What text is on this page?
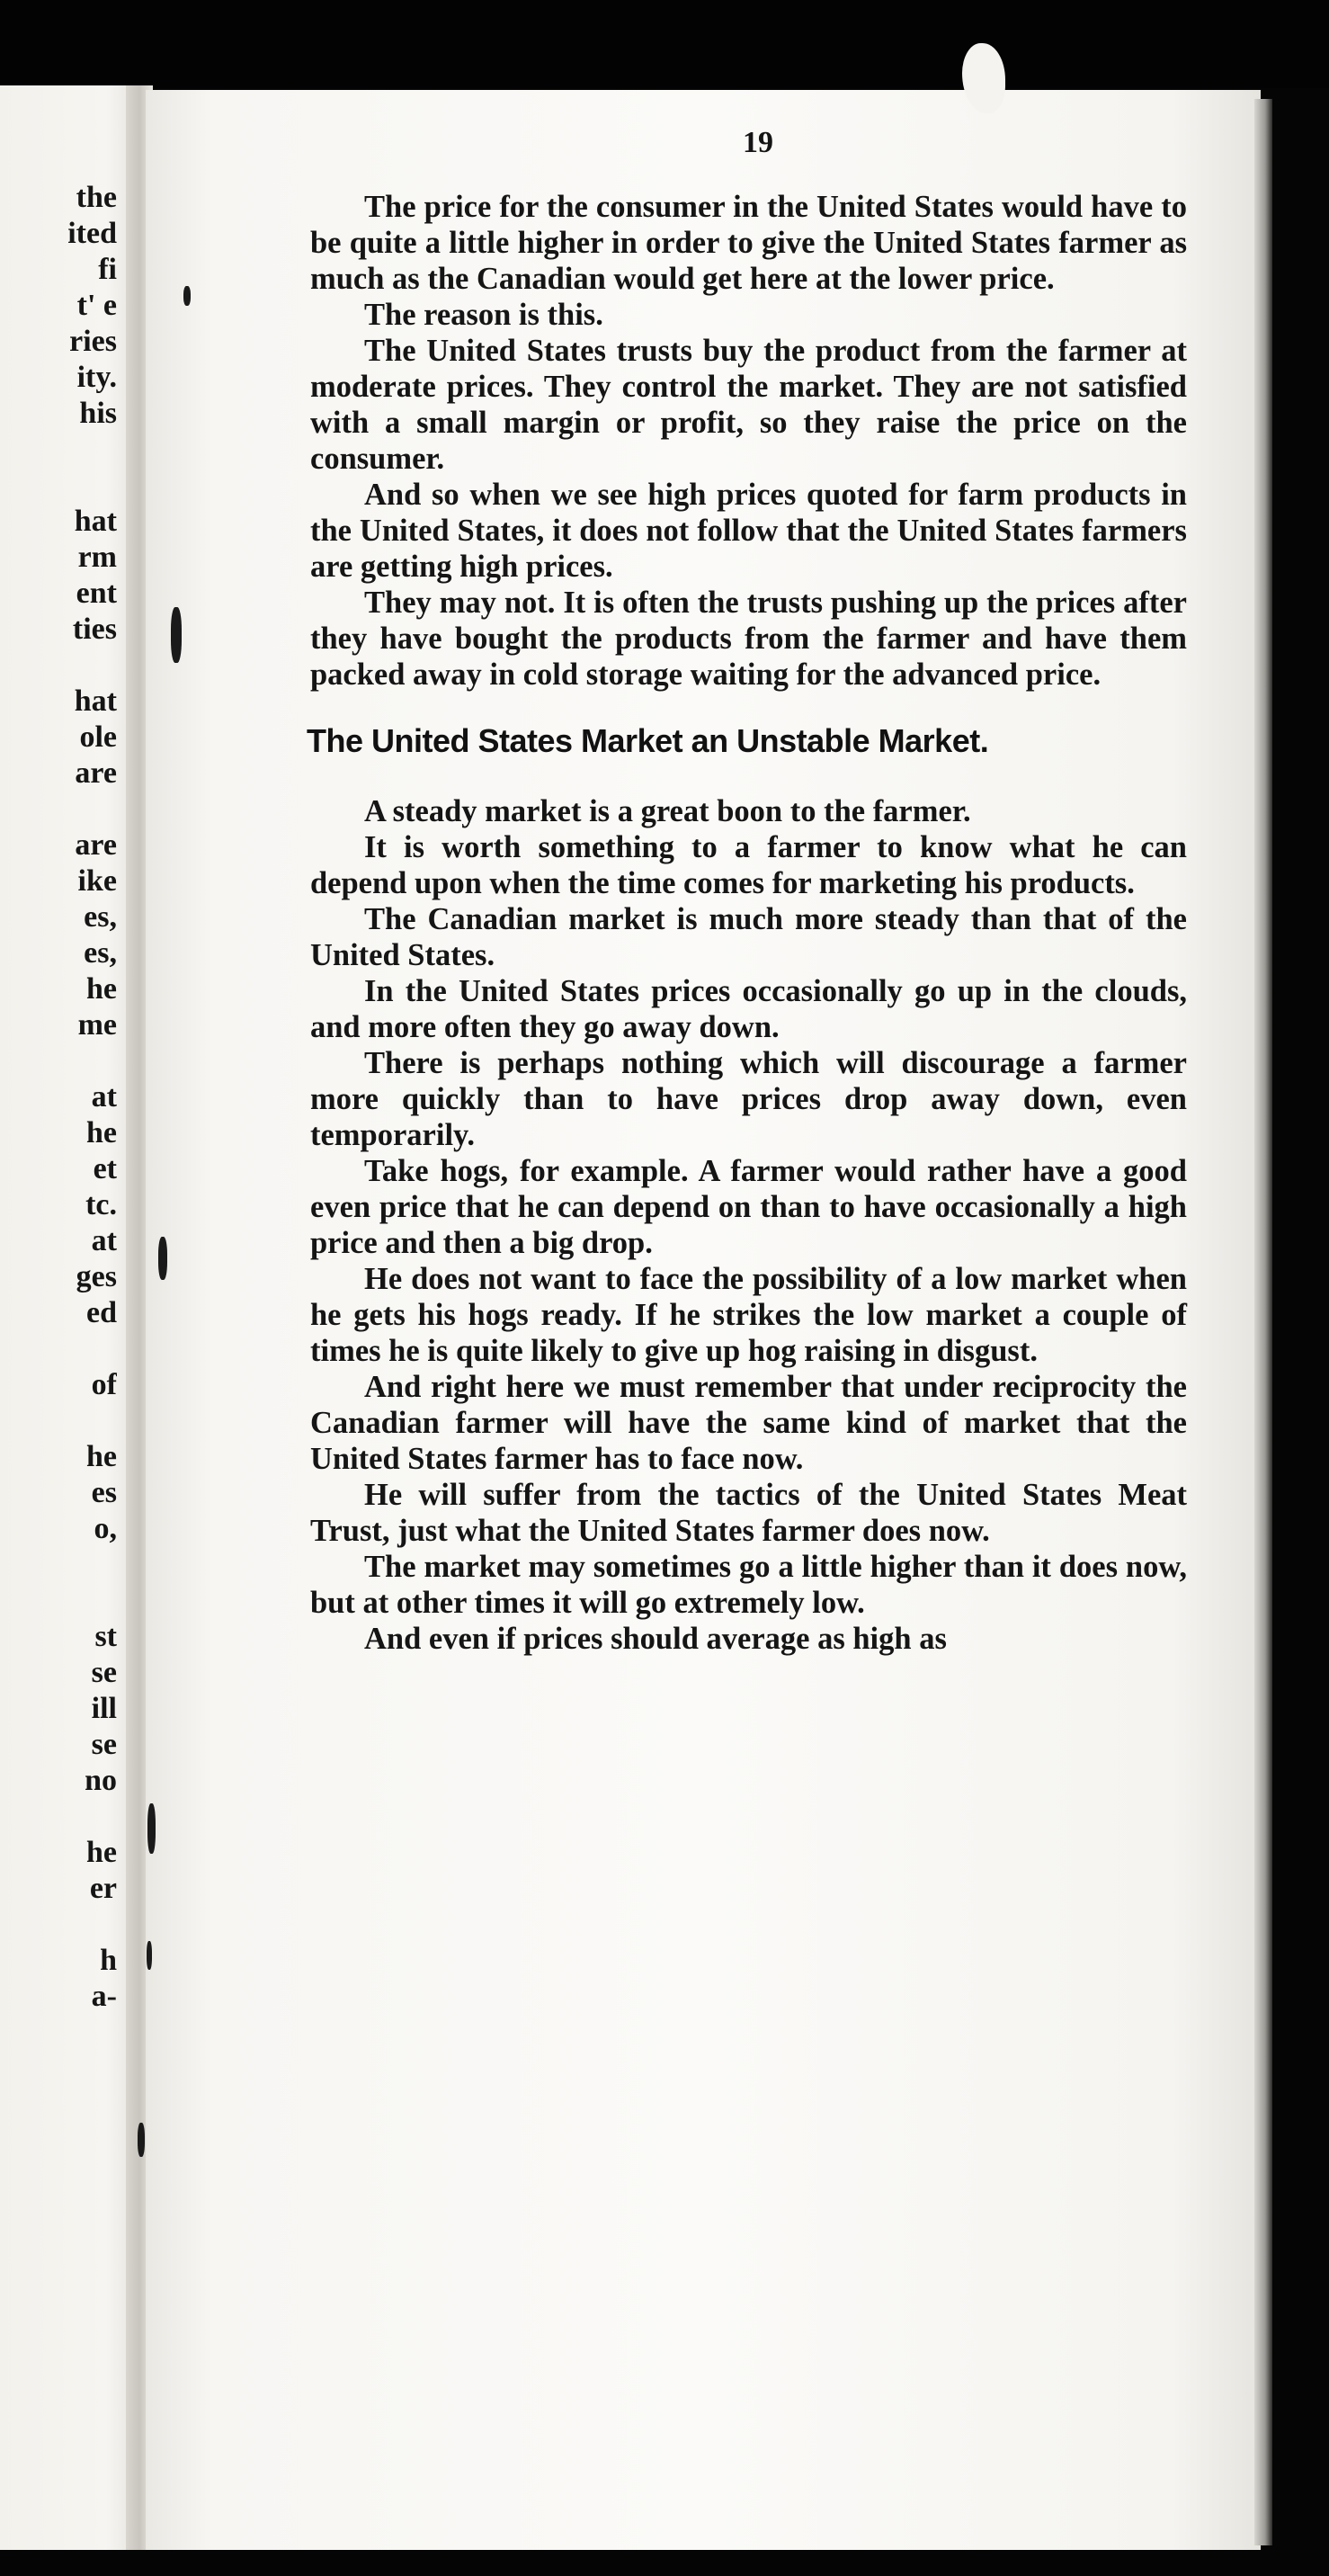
the
ited
fi
t' e
ries
ity.
his
hat
rm
ent
ties
hat
ole
are
are
ike
es,
es,
he
me
at
he
et
tc.
at
ges
ed
of
he
es
o,
st
se
ill
se
no
he
er
h
a-
19

The price for the consumer in the United States would have to be quite a little higher in order to give the United States farmer as much as the Canadian would get here at the lower price.

The reason is this.

The United States trusts buy the product from the farmer at moderate prices. They control the market. They are not satisfied with a small margin or profit, so they raise the price on the consumer.

And so when we see high prices quoted for farm products in the United States, it does not follow that the United States farmers are getting high prices.

They may not. It is often the trusts pushing up the prices after they have bought the products from the farmer and have them packed away in cold storage waiting for the advanced price.

The United States Market an Unstable Market.

A steady market is a great boon to the farmer.

It is worth something to a farmer to know what he can depend upon when the time comes for marketing his products.

The Canadian market is much more steady than that of the United States.

In the United States prices occasionally go up in the clouds, and more often they go away down.

There is perhaps nothing which will discourage a farmer more quickly than to have prices drop away down, even temporarily.

Take hogs, for example. A farmer would rather have a good even price that he can depend on than to have occasionally a high price and then a big drop.

He does not want to face the possibility of a low market when he gets his hogs ready. If he strikes the low market a couple of times he is quite likely to give up hog raising in disgust.

And right here we must remember that under reciprocity the Canadian farmer will have the same kind of market that the United States farmer has to face now.

He will suffer from the tactics of the United States Meat Trust, just what the United States farmer does now.

The market may sometimes go a little higher than it does now, but at other times it will go extremely low.

And even if prices should average as high as
